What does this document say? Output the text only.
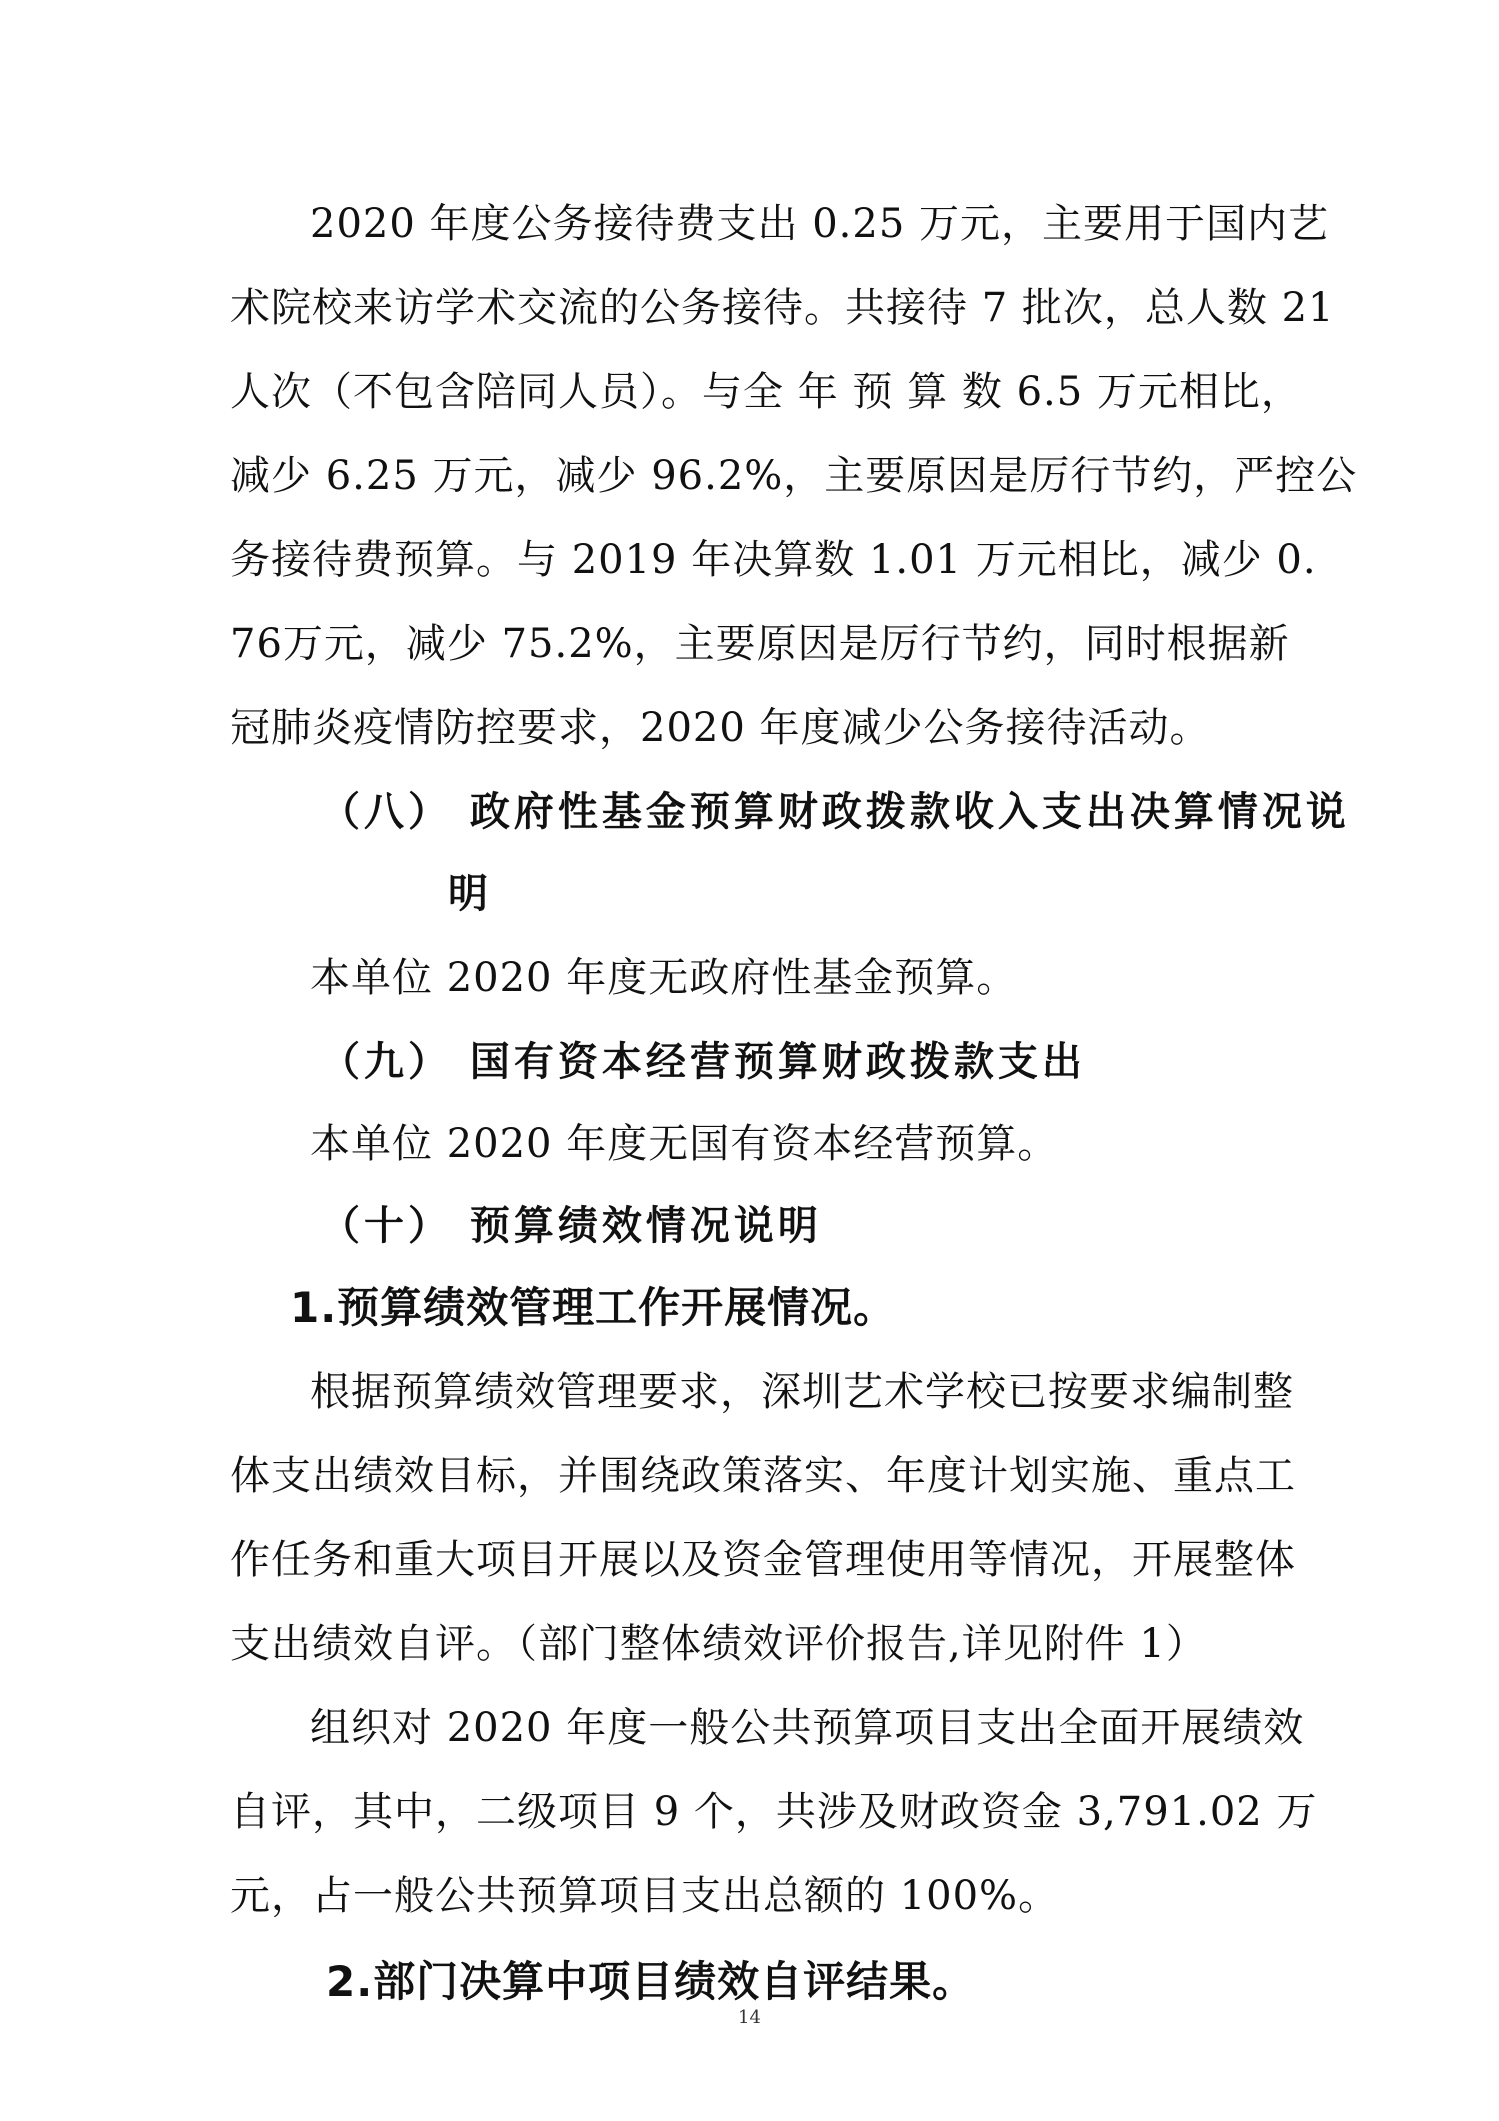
2020 年度公务接待费支出 0.25 万元，主要用于国内艺
术院校来访学术交流的公务接待。共接待 7 批次，总人数 21
人次（不包含陪同人员）。与全 年 预 算 数 6.5 万元相比，
减少 6.25 万元，减少 96.2%，主要原因是厉行节约，严控公
务接待费预算。与 2019 年决算数 1.01 万元相比，减少 0.
76万元，减少 75.2%，主要原因是厉行节约，同时根据新
冠肺炎疫情防控要求，2020 年度减少公务接待活动。
（八） 政府性基金预算财政拨款收入支出决算情况说
明
本单位 2020 年度无政府性基金预算。
（九） 国有资本经营预算财政拨款支出
本单位 2020 年度无国有资本经营预算。
（十） 预算绩效情况说明
1.预算绩效管理工作开展情况。
根据预算绩效管理要求，深圳艺术学校已按要求编制整
体支出绩效目标，并围绕政策落实、年度计划实施、重点工
作任务和重大项目开展以及资金管理使用等情况，开展整体
支出绩效自评。（部门整体绩效评价报告,详见附件 1）
组织对 2020 年度一般公共预算项目支出全面开展绩效
自评，其中，二级项目 9 个，共涉及财政资金 3,791.02 万
元，占一般公共预算项目支出总额的 100%。
2.部门决算中项目绩效自评结果。
14
